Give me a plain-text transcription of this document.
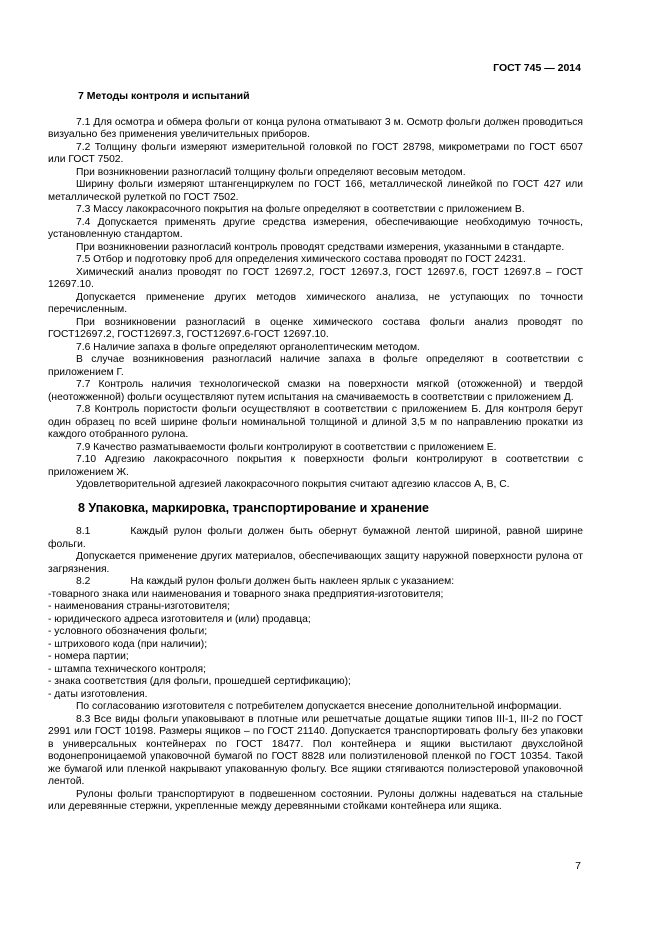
ГОСТ 745 — 2014
7 Методы контроля и испытаний

7.1 Для осмотра и обмера фольги от конца рулона отматывают 3 м. Осмотр фольги должен проводиться визуально без применения увеличительных приборов.

7.2 Толщину фольги измеряют измерительной головкой по ГОСТ 28798, микрометрами по ГОСТ 6507 или ГОСТ 7502.

При возникновении разногласий толщину фольги определяют весовым методом.

Ширину фольги измеряют штангенциркулем по ГОСТ 166, металлической линейкой по ГОСТ 427 или металлической рулеткой по ГОСТ 7502.

7.3 Массу лакокрасочного покрытия на фольге определяют в соответствии с приложением В.

7.4 Допускается применять другие средства измерения, обеспечивающие необходимую точность, установленную стандартом.

При возникновении разногласий контроль проводят средствами измерения, указанными в стандарте.

7.5 Отбор и подготовку проб для определения химического состава проводят по ГОСТ 24231.

Химический анализ проводят по ГОСТ 12697.2, ГОСТ 12697.3, ГОСТ 12697.6, ГОСТ 12697.8 – ГОСТ 12697.10.

Допускается применение других методов химического анализа, не уступающих по точности перечисленным.

При возникновении разногласий в оценке химического состава фольги анализ проводят по ГОСТ12697.2, ГОСТ12697.3, ГОСТ12697.6-ГОСТ 12697.10.

7.6 Наличие запаха в фольге определяют органолептическим методом.

В случае возникновения разногласий наличие запаха в фольге определяют в соответствии с приложением Г.

7.7 Контроль наличия технологической смазки на поверхности мягкой (отожженной) и твердой (неотожженной) фольги осуществляют путем испытания на смачиваемость в соответствии с приложением Д.

7.8 Контроль пористости фольги осуществляют в соответствии с приложением Б. Для контроля берут один образец по всей ширине фольги номинальной толщиной и длиной 3,5 м по направлению прокатки из каждого отобранного рулона.

7.9 Качество разматываемости фольги контролируют в соответствии с приложением Е.

7.10 Адгезию лакокрасочного покрытия к поверхности фольги контролируют в соответствии с приложением Ж.

Удовлетворительной адгезией лакокрасочного покрытия считают адгезию классов А, В, С.

8 Упаковка, маркировка, транспортирование и хранение

8.1	Каждый рулон фольги должен быть обернут бумажной лентой шириной, равной ширине фольги.

Допускается применение других материалов, обеспечивающих защиту наружной поверхности рулона от загрязнения.

8.2	На каждый рулон фольги должен быть наклеен ярлык с указанием:

-товарного знака или наименования и товарного знака предприятия-изготовителя;

- наименования страны-изготовителя;

- юридического адреса изготовителя и (или) продавца;

- условного обозначения фольги;

- штрихового кода (при наличии);

- номера партии;

- штампа технического контроля;

- знака соответствия (для фольги, прошедшей сертификацию);

- даты изготовления.

По согласованию изготовителя с потребителем допускается внесение дополнительной информации.

8.3 Все виды фольги упаковывают в плотные или решетчатые дощатые ящики типов III-1, III-2 по ГОСТ 2991 или ГОСТ 10198. Размеры ящиков – по ГОСТ 21140. Допускается транспортировать фольгу без упаковки в универсальных контейнерах по ГОСТ 18477. Пол контейнера и ящики выстилают двухслойной водонепроницаемой упаковочной бумагой по ГОСТ 8828 или полиэтиленовой пленкой по ГОСТ 10354. Такой же бумагой или пленкой накрывают упакованную фольгу. Все ящики стягиваются полиэстеровой упаковочной лентой.

Рулоны фольги транспортируют в подвешенном состоянии. Рулоны должны надеваться на стальные или деревянные стержни, укрепленные между деревянными стойками контейнера или ящика.

7
